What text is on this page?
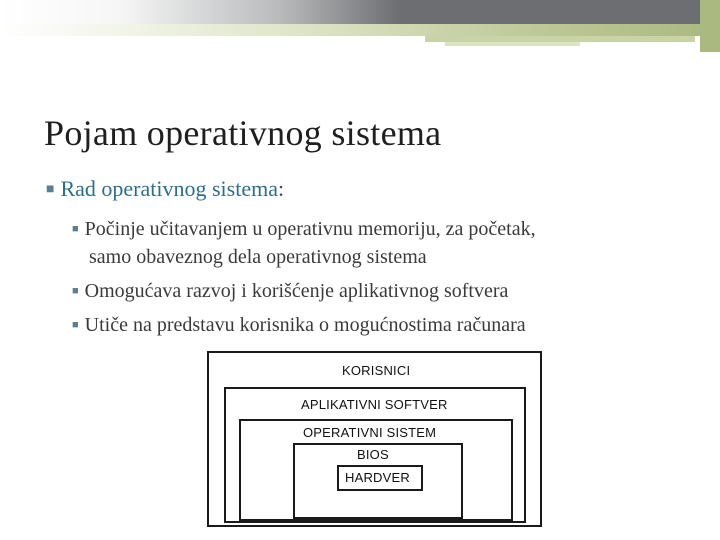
Pojam operativnog sistema
■ Rad operativnog sistema:
■ Počinje učitavanjem u operativnu memoriju, za početak,
samo obaveznog dela operativnog sistema
■ Omogućava razvoj i korišćenje aplikativnog softvera
■ Utiče na predstavu korisnika o mogućnostima računara
KORISNICI
APLIKATIVNI SOFTVER
OPERATIVNI SISTEM
BIOS
HARDVER
